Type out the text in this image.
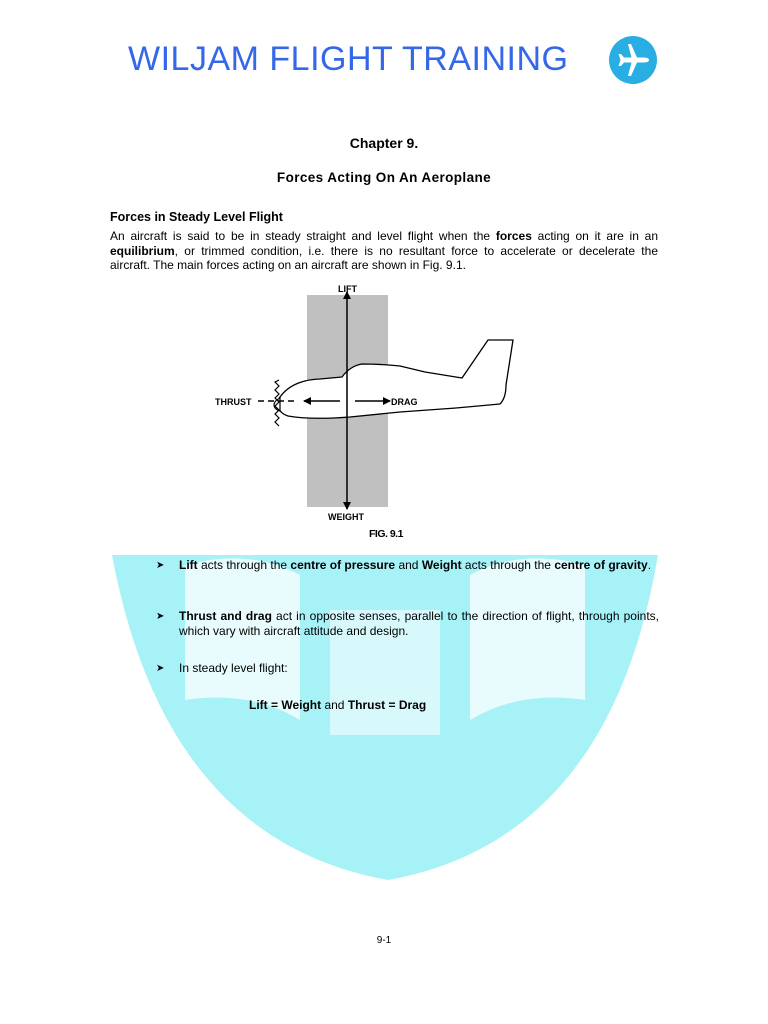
WILJAM FLIGHT TRAINING
Chapter 9.
Forces Acting On An Aeroplane
Forces in Steady Level Flight
An aircraft is said to be in steady straight and level flight when the forces acting on it are in an equilibrium, or trimmed condition, i.e. there is no resultant force to accelerate or decelerate the aircraft. The main forces acting on an aircraft are shown in Fig. 9.1.
LIFT
WEIGHT
THRUST	DRAG
FIG. 9.1
➤ Lift acts through the centre of pressure and Weight acts through the centre of gravity.
➤ Thrust and drag act in opposite senses, parallel to the direction of flight, through points, which vary with aircraft attitude and design.
➤ In steady level flight:
Lift = Weight and Thrust = Drag
9-1
